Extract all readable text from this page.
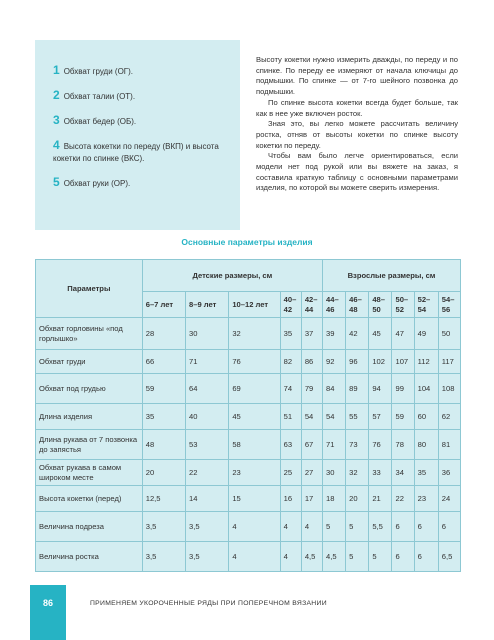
1 Обхват груди (ОГ).
2 Обхват талии (ОТ).
3 Обхват бедер (ОБ).
4 Высота кокетки по переду (ВКП) и высота кокетки по спинке (ВКС).
5 Обхват руки (ОР).

Высоту кокетки нужно измерить дважды, по переду и по спинке. По переду ее измеряют от начала ключицы до подмышки. По спинке — от 7-го шейного позвонка до подмышки.

По спинке высота кокетки всегда будет больше, так как в нее уже включен росток.

Зная это, вы легко можете рассчитать величину ростка, отняв от высоты кокетки по спинке высоту кокетки по переду.

Чтобы вам было легче ориентироваться, если модели нет под рукой или вы вяжете на заказ, я составила краткую таблицу с основными параметрами изделия, по которой вы можете сверить измерения.

Основные параметры изделия
Параметры	Детские размеры, см					Взрослые размеры, см					
	6–7 лет	8–9 лет	10–12 лет	40–42	42–44	44–46	46–48	48–50	50–52	52–54	54–56
Обхват горловины «под горлышко»	28	30	32	35	37	39	42	45	47	49	50
Обхват груди	66	71	76	82	86	92	96	102	107	112	117
Обхват под грудью	59	64	69	74	79	84	89	94	99	104	108
Длина изделия	35	40	45	51	54	54	55	57	59	60	62
Длина рукава от 7 позвонка до запястья	48	53	58	63	67	71	73	76	78	80	81
Обхват рукава в самом широком месте	20	22	23	25	27	30	32	33	34	35	36
Высота кокетки (перед)	12,5	14	15	16	17	18	20	21	22	23	24
Величина подреза	3,5	3,5	4	4	4	5	5	5,5	6	6	6
Величина ростка	3,5	3,5	4	4	4,5	4,5	5	5	6	6	6,5
86	ПРИМЕНЯЕМ УКОРОЧЕННЫЕ РЯДЫ ПРИ ПОПЕРЕЧНОМ ВЯЗАНИИ
